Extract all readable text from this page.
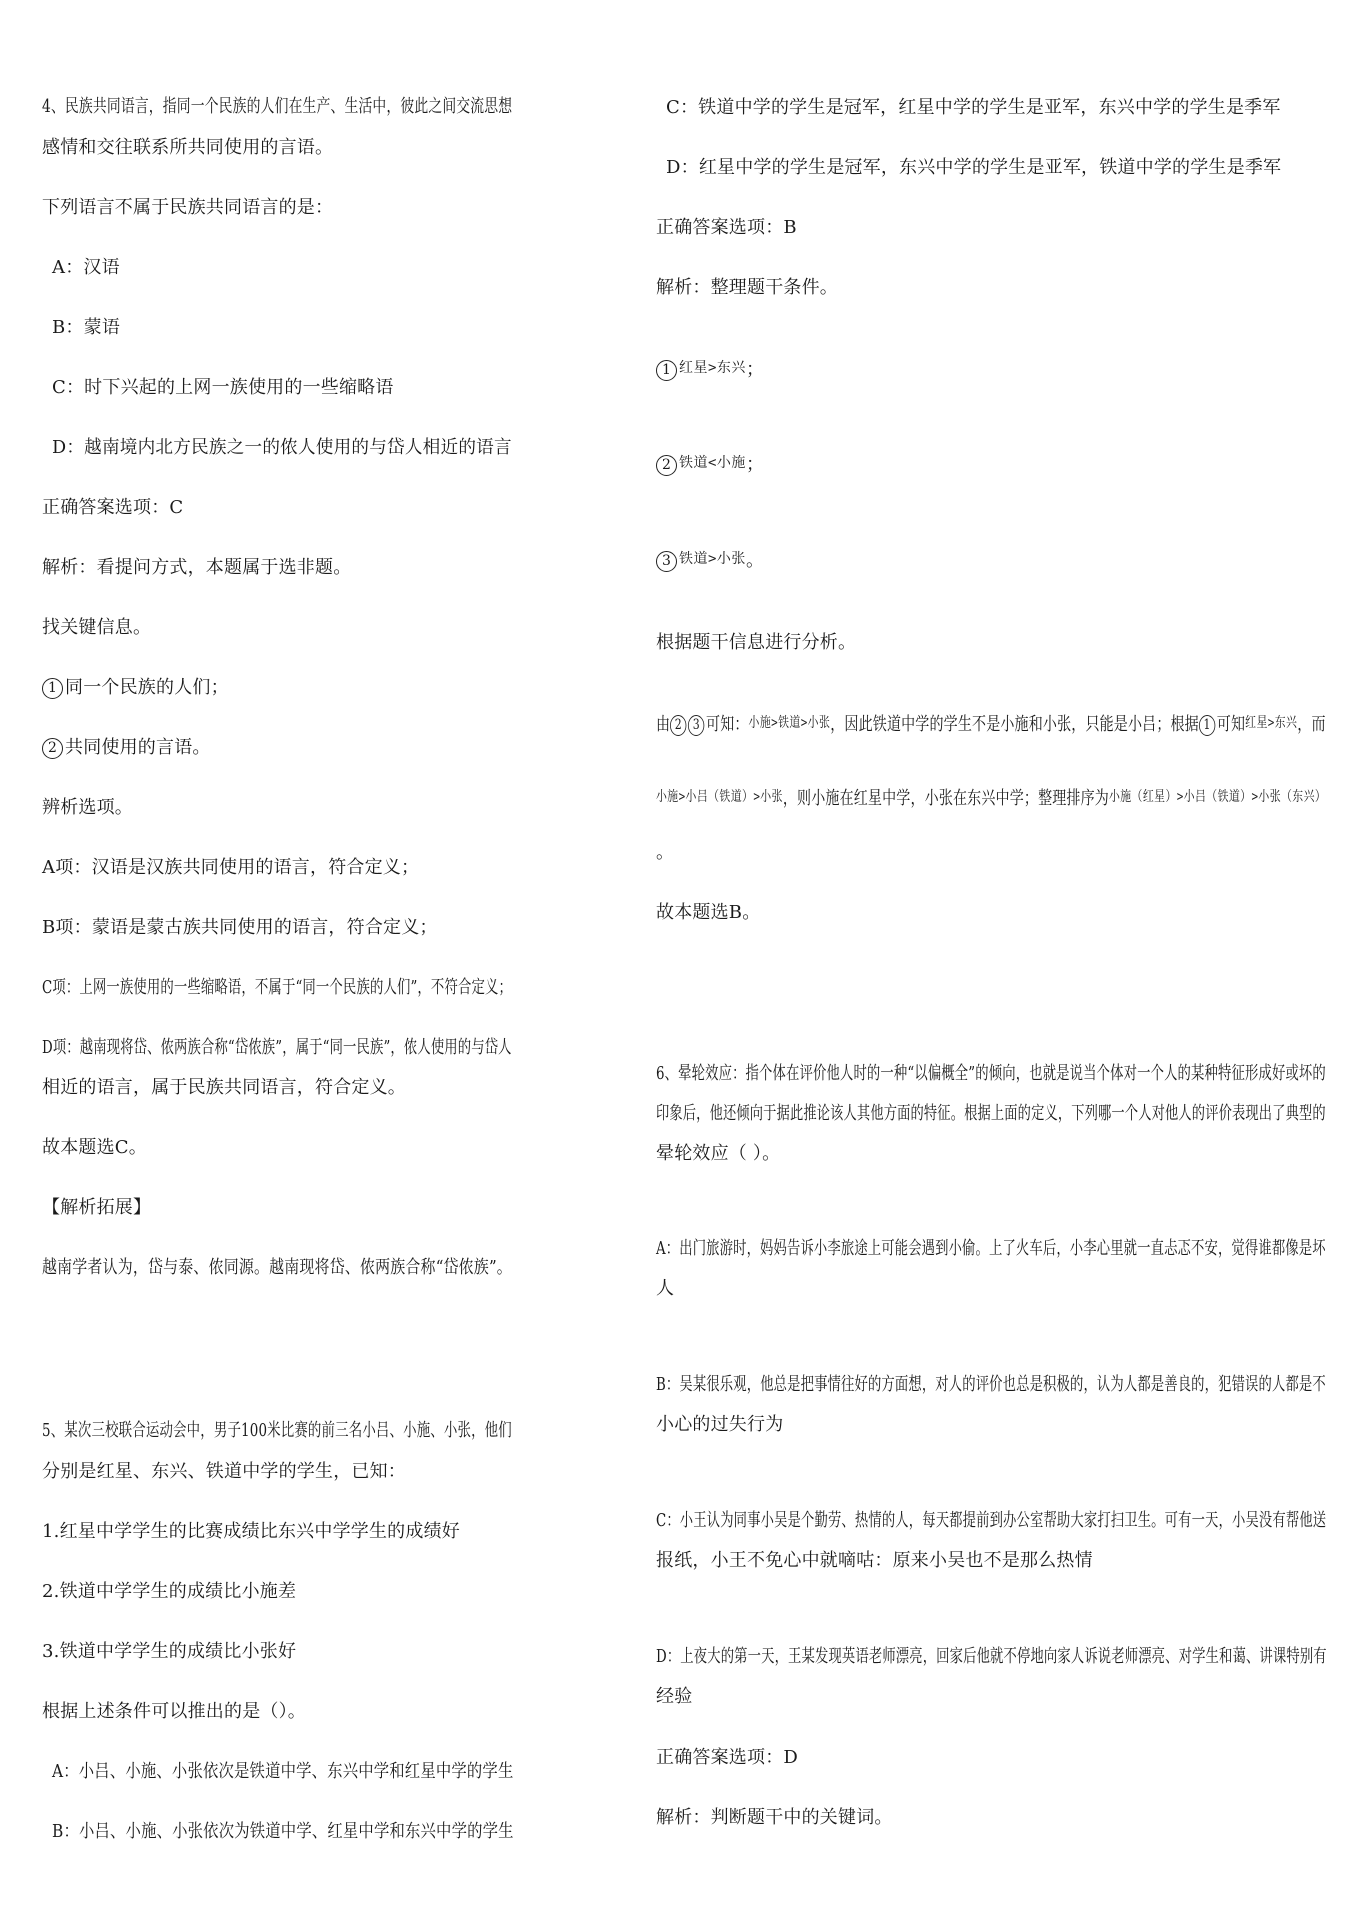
4、民族共同语言，指同一个民族的人们在生产、生活中，彼此之间交流思想
感情和交往联系所共同使用的言语。
下列语言不属于民族共同语言的是：
A：汉语
B：蒙语
C：时下兴起的上网一族使用的一些缩略语
D：越南境内北方民族之一的侬人使用的与岱人相近的语言
正确答案选项：C
解析：看提问方式，本题属于选非题。
找关键信息。
1 同一个民族的人们；
2 共同使用的言语。
辨析选项。
A项：汉语是汉族共同使用的语言，符合定义；
B项：蒙语是蒙古族共同使用的语言，符合定义；
C项：上网一族使用的一些缩略语，不属于“同一个民族的人们”，不符合定义；
D项：越南现将岱、侬两族合称“岱侬族”，属于“同一民族”，侬人使用的与岱人
相近的语言，属于民族共同语言，符合定义。
故本题选C。
【解析拓展】
越南学者认为，岱与泰、侬同源。越南现将岱、侬两族合称“岱侬族”。
5、某次三校联合运动会中，男子100米比赛的前三名小吕、小施、小张，他们
分别是红星、东兴、铁道中学的学生，已知：
1.红星中学学生的比赛成绩比东兴中学学生的成绩好
2.铁道中学学生的成绩比小施差
3.铁道中学学生的成绩比小张好
根据上述条件可以推出的是（）。
A：小吕、小施、小张依次是铁道中学、东兴中学和红星中学的学生
B：小吕、小施、小张依次为铁道中学、红星中学和东兴中学的学生
C：铁道中学的学生是冠军，红星中学的学生是亚军，东兴中学的学生是季军
D：红星中学的学生是冠军，东兴中学的学生是亚军，铁道中学的学生是季军
正确答案选项：B
解析：整理题干条件。
1 红星>东兴；
2 铁道<小施；
3 铁道>小张。
根据题干信息进行分析。
由 2 3 可知：小施>铁道>小张，因此铁道中学的学生不是小施和小张，只能是小吕；根据 1 可知红星>东兴，而
小施>小吕（铁道）>小张，则小施在红星中学，小张在东兴中学；整理排序为小施（红星）>小吕（铁道）>小张（东兴）
。
故本题选B。
6、晕轮效应：指个体在评价他人时的一种“以偏概全”的倾向，也就是说当个体对一个人的某种特征形成好或坏的
印象后，他还倾向于据此推论该人其他方面的特征。根据上面的定义，下列哪一个人对他人的评价表现出了典型的
晕轮效应（ ）。
A：出门旅游时，妈妈告诉小李旅途上可能会遇到小偷。上了火车后，小李心里就一直忐忑不安，觉得谁都像是坏
人
B：吴某很乐观，他总是把事情往好的方面想，对人的评价也总是积极的，认为人都是善良的，犯错误的人都是不
小心的过失行为
C：小王认为同事小吴是个勤劳、热情的人，每天都提前到办公室帮助大家打扫卫生。可有一天，小吴没有帮他送
报纸，小王不免心中就嘀咕：原来小吴也不是那么热情
D：上夜大的第一天，王某发现英语老师漂亮，回家后他就不停地向家人诉说老师漂亮、对学生和蔼、讲课特别有
经验
正确答案选项：D
解析：判断题干中的关键词。
